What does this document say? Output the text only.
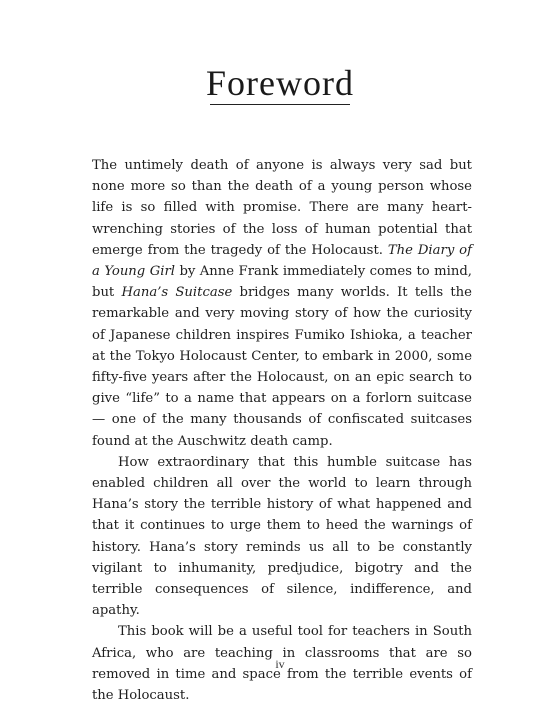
Foreword

The untimely death of anyone is always very sad but none more so than the death of a young person whose life is so filled with promise. There are many heart-wrenching stories of the loss of human potential that emerge from the tragedy of the Holocaust. The Diary of a Young Girl by Anne Frank immediately comes to mind, but Hana’s Suitcase bridges many worlds. It tells the remarkable and very moving story of how the curiosity of Japanese children inspires Fumiko Ishioka, a teacher at the Tokyo Holocaust Center, to embark in 2000, some fifty-five years after the Holocaust, on an epic search to give “life” to a name that appears on a forlorn suitcase — one of the many thousands of confiscated suitcases found at the Auschwitz death camp.

How extraordinary that this humble suitcase has enabled children all over the world to learn through Hana’s story the terrible history of what happened and that it continues to urge them to heed the warnings of history. Hana’s story reminds us all to be constantly vigilant to inhumanity, predjudice, bigotry and the terrible consequences of silence, indifference, and apathy.

This book will be a useful tool for teachers in South Africa, who are teaching in classrooms that are so removed in time and space from the terrible events of the Holocaust.

iv
